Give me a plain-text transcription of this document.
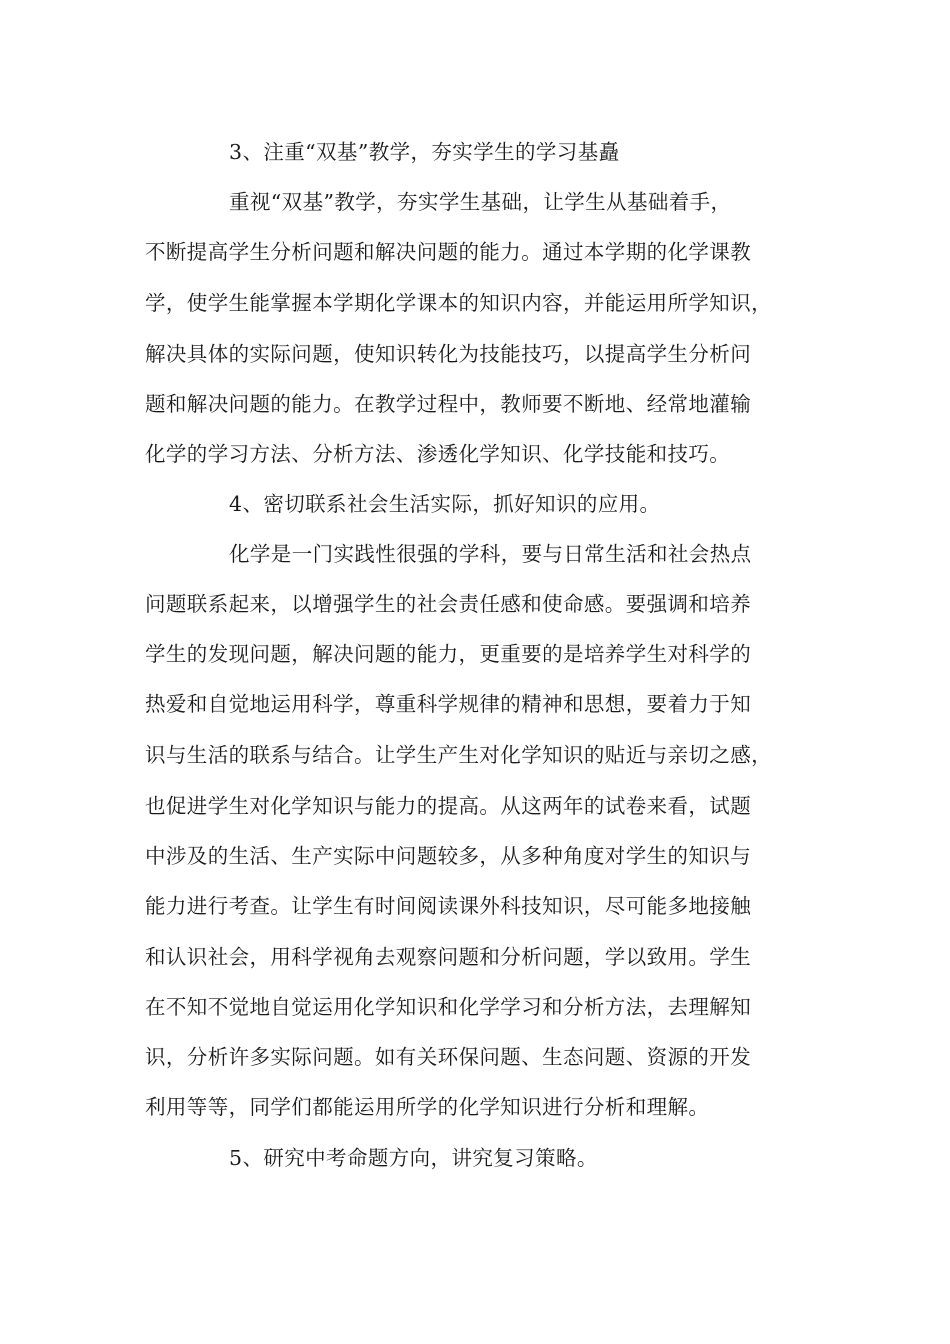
3、注重“双基”教学，夯实学生的学习基矗
重视“双基”教学，夯实学生基础，让学生从基础着手，
不断提高学生分析问题和解决问题的能力。通过本学期的化学课教
学，使学生能掌握本学期化学课本的知识内容，并能运用所学知识，
解决具体的实际问题，使知识转化为技能技巧，以提高学生分析问
题和解决问题的能力。在教学过程中，教师要不断地、经常地灌输
化学的学习方法、分析方法、渗透化学知识、化学技能和技巧。
4、密切联系社会生活实际，抓好知识的应用。
化学是一门实践性很强的学科，要与日常生活和社会热点
问题联系起来，以增强学生的社会责任感和使命感。要强调和培养
学生的发现问题，解决问题的能力，更重要的是培养学生对科学的
热爱和自觉地运用科学，尊重科学规律的精神和思想，要着力于知
识与生活的联系与结合。让学生产生对化学知识的贴近与亲切之感，
也促进学生对化学知识与能力的提高。从这两年的试卷来看，试题
中涉及的生活、生产实际中问题较多，从多种角度对学生的知识与
能力进行考查。让学生有时间阅读课外科技知识，尽可能多地接触
和认识社会，用科学视角去观察问题和分析问题，学以致用。学生
在不知不觉地自觉运用化学知识和化学学习和分析方法，去理解知
识，分析许多实际问题。如有关环保问题、生态问题、资源的开发
利用等等，同学们都能运用所学的化学知识进行分析和理解。
5、研究中考命题方向，讲究复习策略。
